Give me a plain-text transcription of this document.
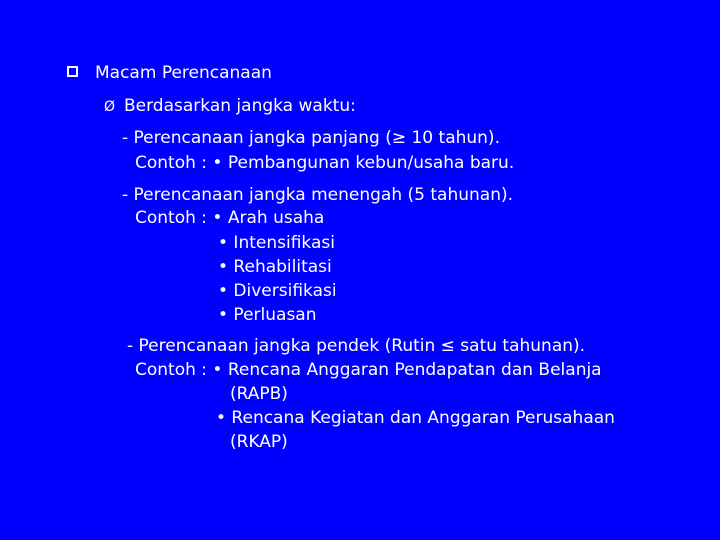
Macam Perencanaan
Ø Berdasarkan jangka waktu:
- Perencanaan jangka panjang (≥ 10 tahun).
Contoh : • Pembangunan kebun/usaha baru.
- Perencanaan jangka menengah (5 tahunan).
Contoh : • Arah usaha
• Intensifikasi
• Rehabilitasi
• Diversifikasi
• Perluasan
- Perencanaan jangka pendek (Rutin ≤ satu tahunan).
Contoh : • Rencana Anggaran Pendapatan dan Belanja
(RAPB)
• Rencana Kegiatan dan Anggaran Perusahaan
(RKAP)
